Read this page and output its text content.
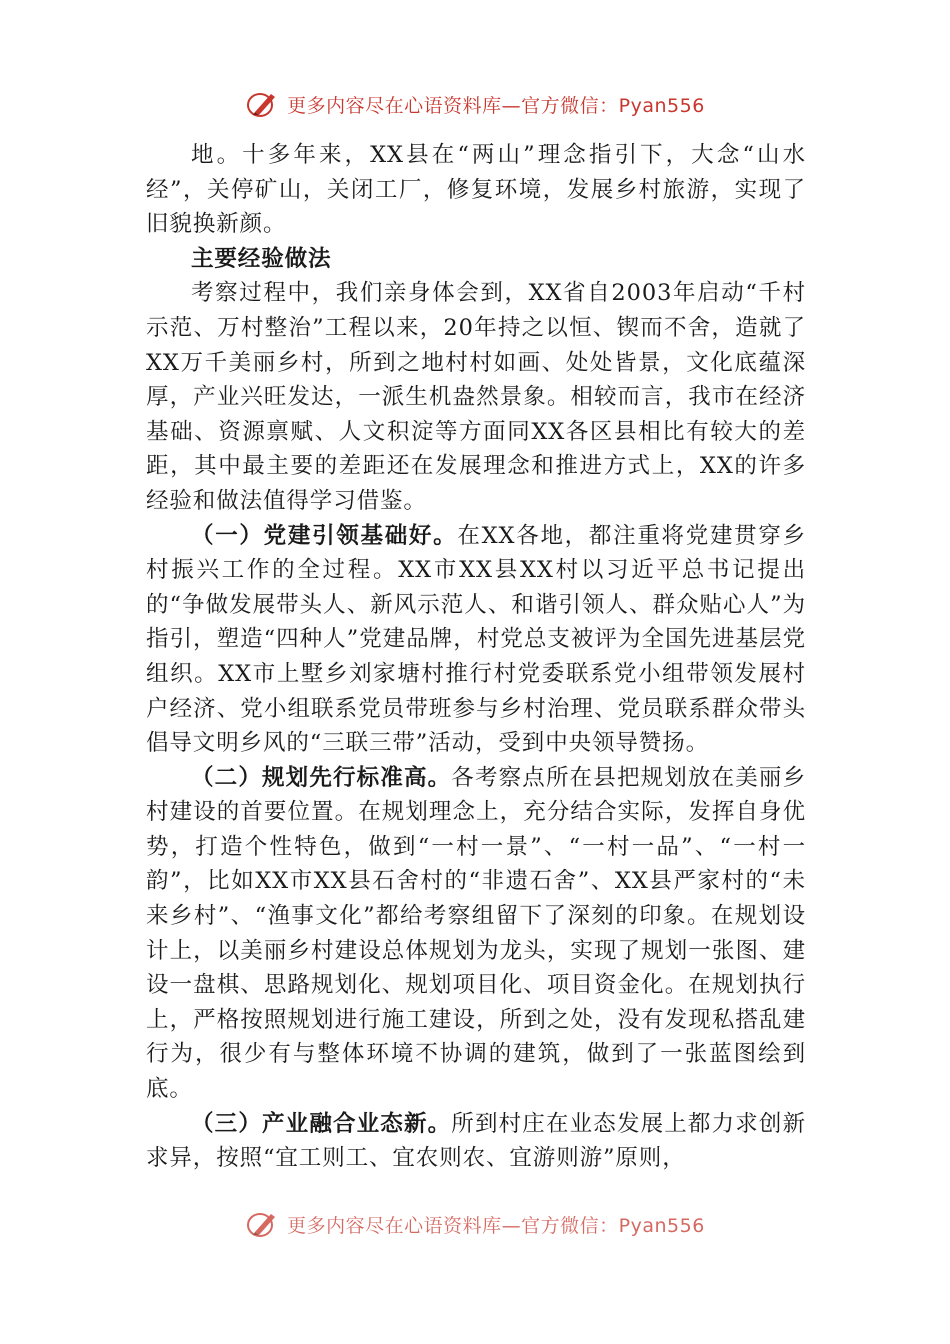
更多内容尽在心语资料库—官方微信：Pyan556

地。十多年来，XX县在“两山”理念指引下，大念“山水经”，关停矿山，关闭工厂，修复环境，发展乡村旅游，实现了旧貌换新颜。

主要经验做法

考察过程中，我们亲身体会到，XX省自2003年启动“千村示范、万村整治”工程以来，20年持之以恒、锲而不舍，造就了XX万千美丽乡村，所到之地村村如画、处处皆景，文化底蕴深厚，产业兴旺发达，一派生机盎然景象。相较而言，我市在经济基础、资源禀赋、人文积淀等方面同XX各区县相比有较大的差距，其中最主要的差距还在发展理念和推进方式上，XX的许多经验和做法值得学习借鉴。

（一）党建引领基础好。在XX各地，都注重将党建贯穿乡村振兴工作的全过程。XX市XX县XX村以习近平总书记提出的“争做发展带头人、新风示范人、和谐引领人、群众贴心人”为指引，塑造“四种人”党建品牌，村党总支被评为全国先进基层党组织。XX市上墅乡刘家塘村推行村党委联系党小组带领发展村户经济、党小组联系党员带班参与乡村治理、党员联系群众带头倡导文明乡风的“三联三带”活动，受到中央领导赞扬。

（二）规划先行标准高。各考察点所在县把规划放在美丽乡村建设的首要位置。在规划理念上，充分结合实际，发挥自身优势，打造个性特色，做到“一村一景”、“一村一品”、“一村一韵”，比如XX市XX县石舍村的“非遗石舍”、XX县严家村的“未来乡村”、“渔事文化”都给考察组留下了深刻的印象。在规划设计上，以美丽乡村建设总体规划为龙头，实现了规划一张图、建设一盘棋、思路规划化、规划项目化、项目资金化。在规划执行上，严格按照规划进行施工建设，所到之处，没有发现私搭乱建行为，很少有与整体环境不协调的建筑，做到了一张蓝图绘到底。

（三）产业融合业态新。所到村庄在业态发展上都力求创新求异，按照“宜工则工、宜农则农、宜游则游”原则，

更多内容尽在心语资料库—官方微信：Pyan556
